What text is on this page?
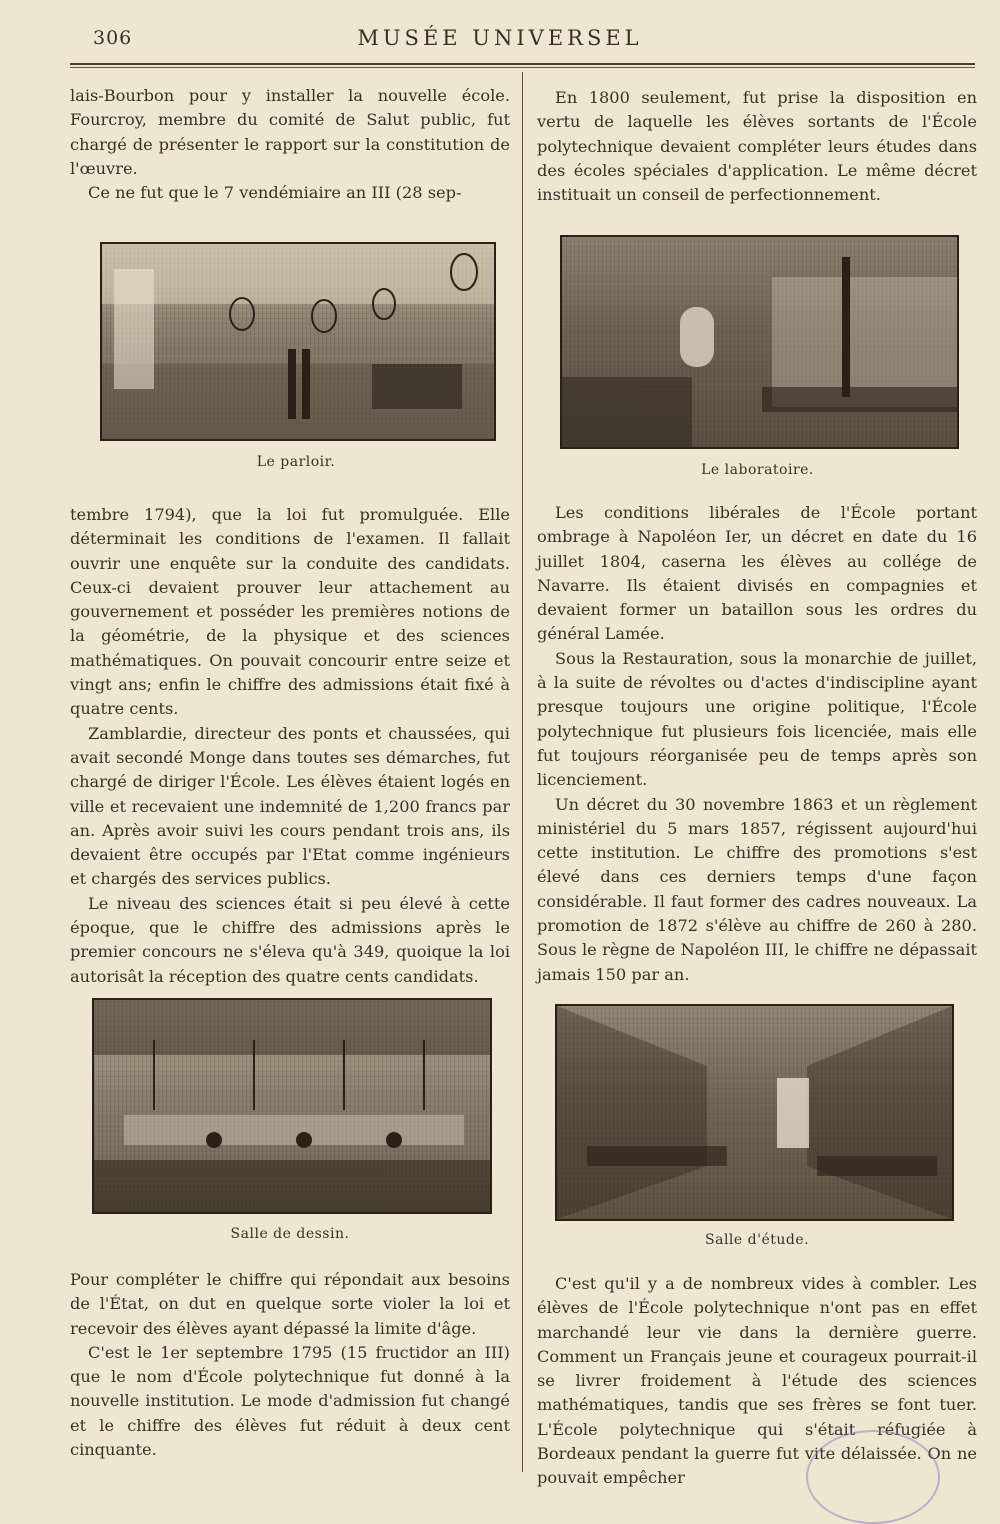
306	MUSÉE UNIVERSEL

lais-Bourbon pour y installer la nouvelle école. Fourcroy, membre du comité de Salut public, fut chargé de présenter le rapport sur la constitution de l'œuvre.

Ce ne fut que le 7 vendémiaire an III (28 sep-

Le parloir.

tembre 1794), que la loi fut promulguée. Elle déterminait les conditions de l'examen. Il fallait ouvrir une enquête sur la conduite des candidats. Ceux-ci devaient prouver leur attachement au gouvernement et posséder les premières notions de la géométrie, de la physique et des sciences mathématiques. On pouvait concourir entre seize et vingt ans; enfin le chiffre des admissions était fixé à quatre cents.

Zamblardie, directeur des ponts et chaussées, qui avait secondé Monge dans toutes ses démarches, fut chargé de diriger l'École. Les élèves étaient logés en ville et recevaient une indemnité de 1,200 francs par an. Après avoir suivi les cours pendant trois ans, ils devaient être occupés par l'Etat comme ingénieurs et chargés des services publics.

Le niveau des sciences était si peu élevé à cette époque, que le chiffre des admissions après le premier concours ne s'éleva qu'à 349, quoique la loi autorisât la réception des quatre cents candidats.

Salle de dessin.

Pour compléter le chiffre qui répondait aux besoins de l'État, on dut en quelque sorte violer la loi et recevoir des élèves ayant dépassé la limite d'âge.

C'est le 1er septembre 1795 (15 fructidor an III) que le nom d'École polytechnique fut donné à la nouvelle institution. Le mode d'admission fut changé et le chiffre des élèves fut réduit à deux cent cinquante.

En 1800 seulement, fut prise la disposition en vertu de laquelle les élèves sortants de l'École polytechnique devaient compléter leurs études dans des écoles spéciales d'application. Le même décret instituait un conseil de perfectionnement.

Le laboratoire.

Les conditions libérales de l'École portant ombrage à Napoléon Ier, un décret en date du 16 juillet 1804, caserna les élèves au collége de Navarre. Ils étaient divisés en compagnies et devaient former un bataillon sous les ordres du général Lamée.

Sous la Restauration, sous la monarchie de juillet, à la suite de révoltes ou d'actes d'indiscipline ayant presque toujours une origine politique, l'École polytechnique fut plusieurs fois licenciée, mais elle fut toujours réorganisée peu de temps après son licenciement.

Un décret du 30 novembre 1863 et un règlement ministériel du 5 mars 1857, régissent aujourd'hui cette institution. Le chiffre des promotions s'est élevé dans ces derniers temps d'une façon considérable. Il faut former des cadres nouveaux. La promotion de 1872 s'élève au chiffre de 260 à 280. Sous le règne de Napoléon III, le chiffre ne dépassait jamais 150 par an.

Salle d'étude.

C'est qu'il y a de nombreux vides à combler. Les élèves de l'École polytechnique n'ont pas en effet marchandé leur vie dans la dernière guerre. Comment un Français jeune et courageux pourrait-il se livrer froidement à l'étude des sciences mathématiques, tandis que ses frères se font tuer. L'École polytechnique qui s'était réfugiée à Bordeaux pendant la guerre fut vite délaissée. On ne pouvait empêcher
